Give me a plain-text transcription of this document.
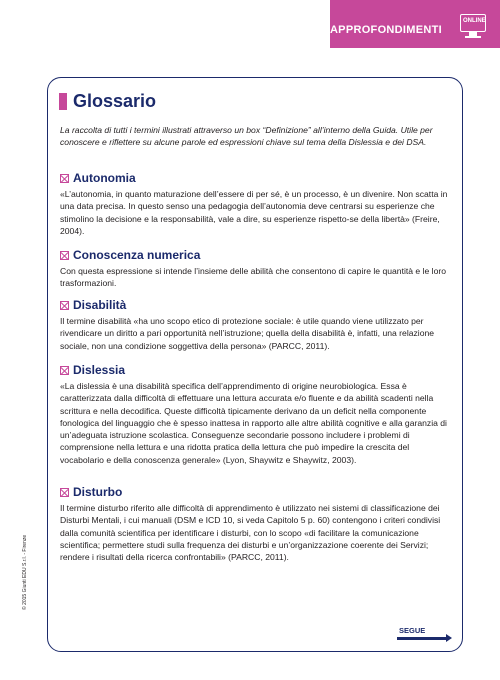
APPROFONDIMENTI
ONLINE
Glossario
La raccolta di tutti i termini illustrati attraverso un box “Definizione” all’interno della Guida. Utile per conoscere e riflettere su alcune parole ed espressioni chiave sul tema della Dislessia e dei DSA.
Autonomia
«L’autonomia, in quanto maturazione dell’essere di per sé, è un processo, è un divenire. Non scatta in una data precisa. In questo senso una pedagogia dell’autonomia deve centrarsi su esperienze che stimolino la decisione e la responsabilità, vale a dire, su esperienze rispetto-se della libertà» (Freire, 2004).
Conoscenza numerica
Con questa espressione si intende l’insieme delle abilità che consentono di capire le quantità e le loro trasformazioni.
Disabilità
Il termine disabilità «ha uno scopo etico di protezione sociale: è utile quando viene utilizzato per rivendicare un diritto a pari opportunità nell’istruzione; quella della disabilità è, infatti, una relazione sociale, non una condizione soggettiva della persona» (PARCC, 2011).
Dislessia
«La dislessia è una disabilità specifica dell’apprendimento di origine neurobiologica. Essa è caratterizzata dalla difficoltà di effettuare una lettura accurata e/o fluente e da abilità scadenti nella scrittura e nella decodifica. Queste difficoltà tipicamente derivano da un deficit nella componente fonologica del linguaggio che è spesso inattesa in rapporto alle altre abilità cognitive e alla garanzia di un’adeguata istruzione scolastica. Conseguenze secondarie possono includere i problemi di comprensione nella lettura e una ridotta pratica della lettura che può impedire la crescita del vocabolario e della conoscenza generale» (Lyon, Shaywitz e Shaywitz, 2003).
Disturbo
Il termine disturbo riferito alle difficoltà di apprendimento è utilizzato nei sistemi di classificazione dei Disturbi Mentali, i cui manuali (DSM e ICD 10, si veda Capitolo 5 p. 60) contengono i criteri condivisi dalla comunità scientifica per identificare i disturbi, con lo scopo «di facilitare la comunicazione scientifica; permettere studi sulla frequenza dei disturbi e un’organizzazione coerente dei Servizi; rendere i risultati della ricerca confrontabili» (PARCC, 2011).
SEGUE
© 2015 Giunti EDU S.r.l. - Firenze
